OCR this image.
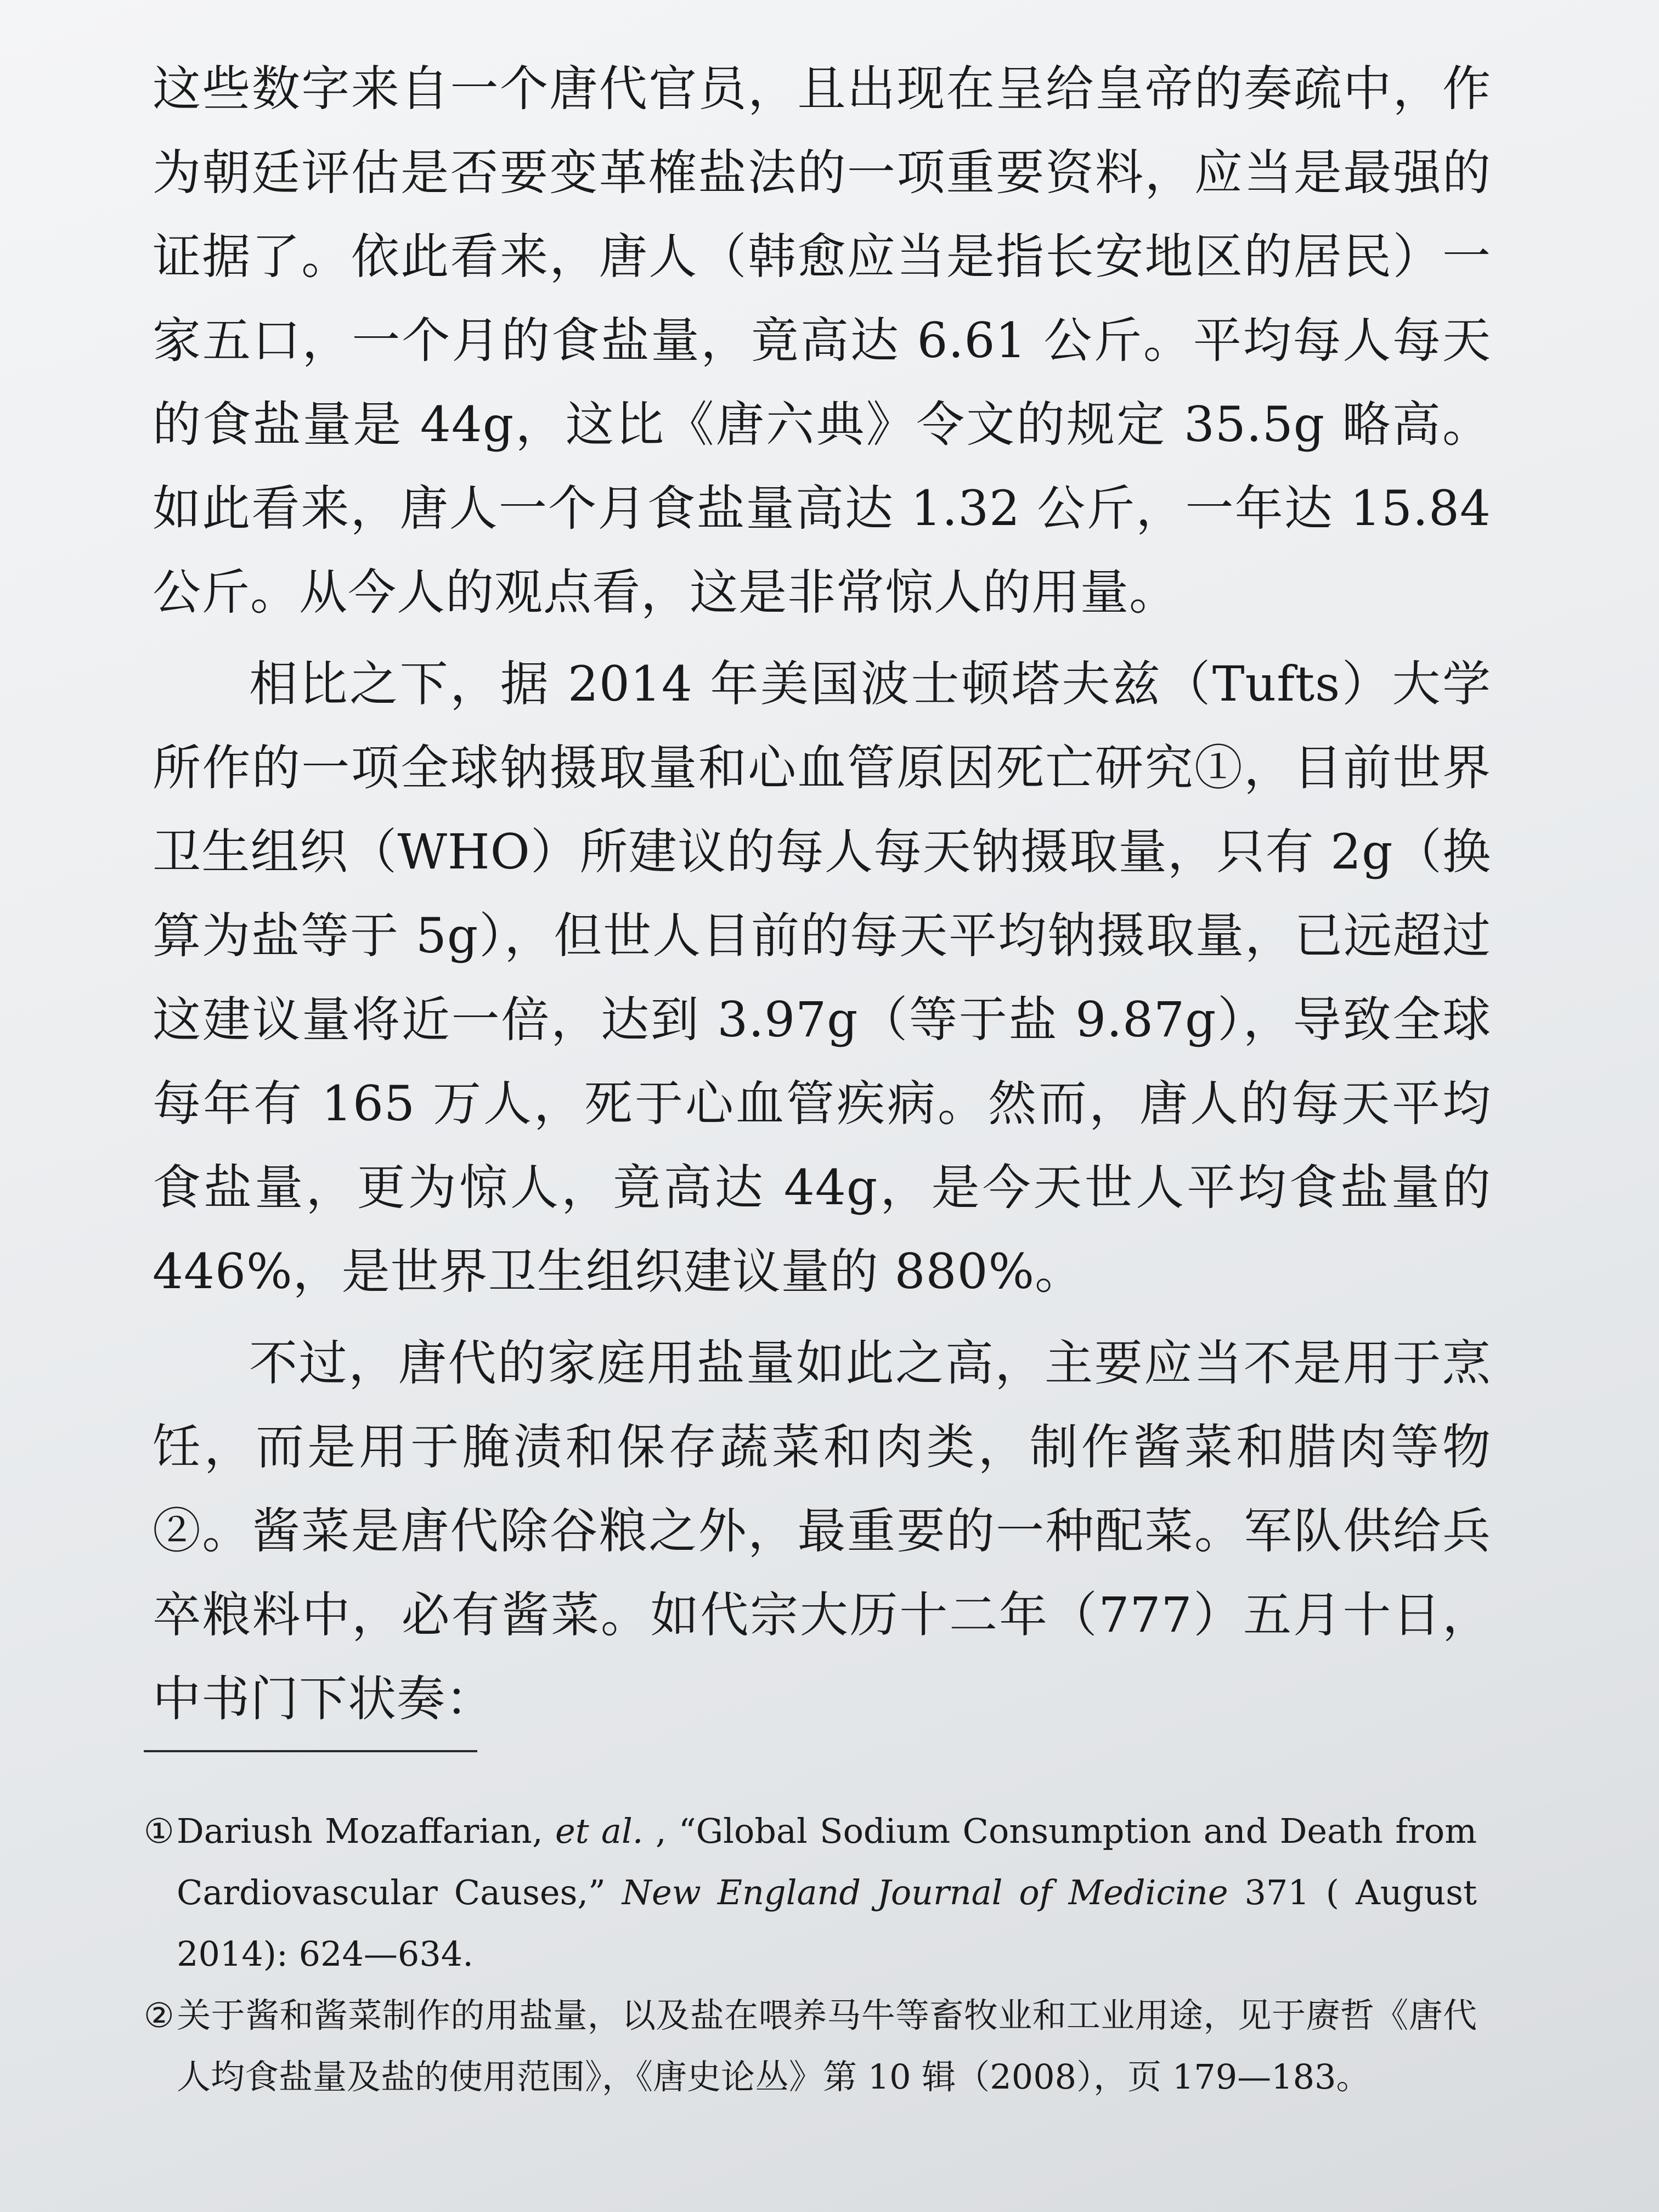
这些数字来自一个唐代官员，且出现在呈给皇帝的奏疏中，作为朝廷评估是否要变革榷盐法的一项重要资料，应当是最强的证据了。依此看来，唐人（韩愈应当是指长安地区的居民）一家五口，一个月的食盐量，竟高达 6.61 公斤。平均每人每天的食盐量是 44g，这比《唐六典》令文的规定 35.5g 略高。如此看来，唐人一个月食盐量高达 1.32 公斤，一年达 15.84 公斤。从今人的观点看，这是非常惊人的用量。

相比之下，据 2014 年美国波士顿塔夫兹（Tufts）大学所作的一项全球钠摄取量和心血管原因死亡研究①，目前世界卫生组织（WHO）所建议的每人每天钠摄取量，只有 2g（换算为盐等于 5g），但世人目前的每天平均钠摄取量，已远超过这建议量将近一倍，达到 3.97g（等于盐 9.87g），导致全球每年有 165 万人，死于心血管疾病。然而，唐人的每天平均食盐量，更为惊人，竟高达 44g，是今天世人平均食盐量的 446%，是世界卫生组织建议量的 880%。

不过，唐代的家庭用盐量如此之高，主要应当不是用于烹饪，而是用于腌渍和保存蔬菜和肉类，制作酱菜和腊肉等物②。酱菜是唐代除谷粮之外，最重要的一种配菜。军队供给兵卒粮料中，必有酱菜。如代宗大历十二年（777）五月十日，中书门下状奏：

①Dariush Mozaffarian, et al. , “Global Sodium Consumption and Death from Cardiovascular Causes,” New England Journal of Medicine 371 ( August 2014): 624—634.

②关于酱和酱菜制作的用盐量，以及盐在喂养马牛等畜牧业和工业用途，见于赓哲《唐代人均食盐量及盐的使用范围》，《唐史论丛》第 10 辑（2008），页 179—183。
